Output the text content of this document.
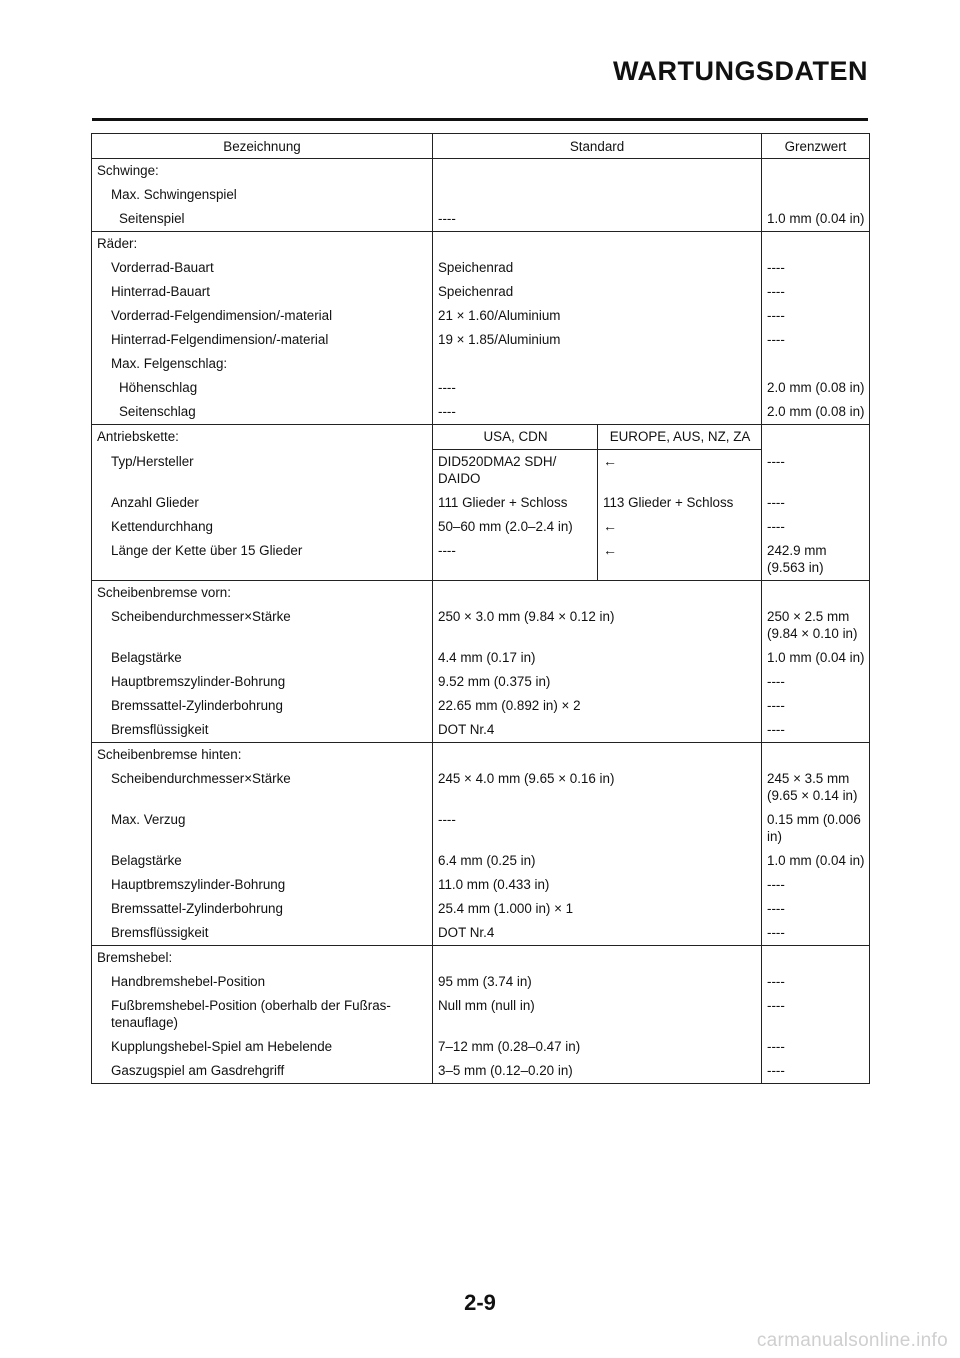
WARTUNGSDATEN
Bezeichnung	Standard		Grenzwert
Schwinge:			
Max. Schwingenspiel			
Seitenspiel	----		1.0 mm (0.04 in)
Räder:			
Vorderrad-Bauart	Speichenrad		----
Hinterrad-Bauart	Speichenrad		----
Vorderrad-Felgendimension/-material	21 × 1.60/Aluminium		----
Hinterrad-Felgendimension/-material	19 × 1.85/Aluminium		----
Max. Felgenschlag:			
Höhenschlag	----		2.0 mm (0.08 in)
Seitenschlag	----		2.0 mm (0.08 in)
Antriebskette:	USA, CDN	EUROPE, AUS, NZ, ZA	
Typ/Hersteller	DID520DMA2 SDH/ DAIDO	←	----
Anzahl Glieder	111 Glieder + Schloss	113 Glieder + Schloss	----
Kettendurchhang	50–60 mm (2.0–2.4 in)	←	----
Länge der Kette über 15 Glieder	----	←	242.9 mm (9.563 in)
Scheibenbremse vorn:			
Scheibendurchmesser×Stärke	250 × 3.0 mm (9.84 × 0.12 in)		250 × 2.5 mm (9.84 × 0.10 in)
Belagstärke	4.4 mm (0.17 in)		1.0 mm (0.04 in)
Hauptbremszylinder-Bohrung	9.52 mm (0.375 in)		----
Bremssattel-Zylinderbohrung	22.65 mm (0.892 in) × 2		----
Bremsflüssigkeit	DOT Nr.4		----
Scheibenbremse hinten:			
Scheibendurchmesser×Stärke	245 × 4.0 mm (9.65 × 0.16 in)		245 × 3.5 mm (9.65 × 0.14 in)
Max. Verzug	----		0.15 mm (0.006 in)
Belagstärke	6.4 mm (0.25 in)		1.0 mm (0.04 in)
Hauptbremszylinder-Bohrung	11.0 mm (0.433 in)		----
Bremssattel-Zylinderbohrung	25.4 mm (1.000 in) × 1		----
Bremsflüssigkeit	DOT Nr.4		----
Bremshebel:			
Handbremshebel-Position	95 mm (3.74 in)		----
Fußbremshebel-Position (oberhalb der Fußras-tenauflage)	Null mm (null in)		----
Kupplungshebel-Spiel am Hebelende	7–12 mm (0.28–0.47 in)		----
Gaszugspiel am Gasdrehgriff	3–5 mm (0.12–0.20 in)		----
2-9
carmanualsonline.info
